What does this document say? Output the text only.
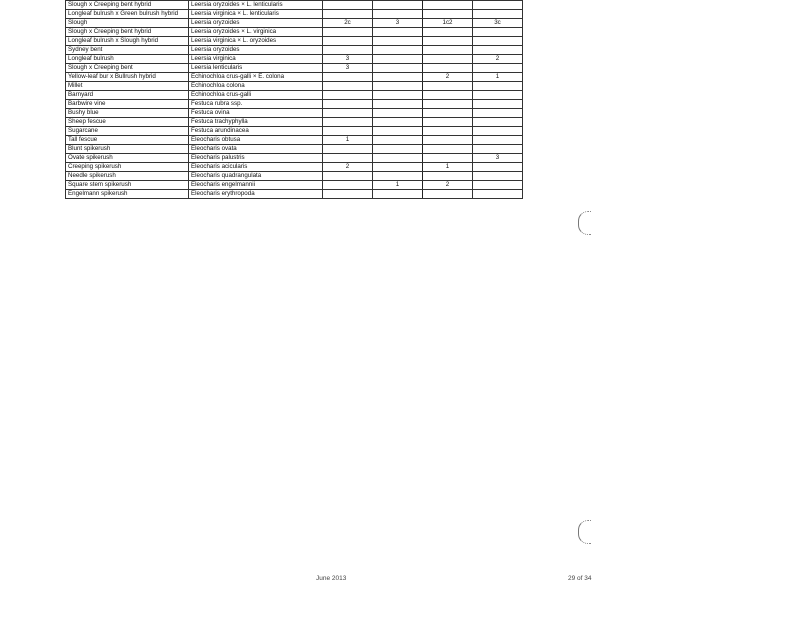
Slough x Creeping bent hybrid	Leersia oryzoides × L. lenticularis				
Longleaf bulrush x Green bulrush hybrid	Leersia virginica × L. lenticularis				
Slough	Leersia oryzoides	2c	3	1c2	3c
Slough x Creeping bent hybrid	Leersia oryzoides × L. virginica				
Longleaf bulrush x Slough hybrid	Leersia virginica × L. oryzoides				
Sydney bent	Leersia oryzoides				
Longleaf bulrush	Leersia virginica	3			2
Slough x Creeping bent	Leersia lenticularis	3			
Yellow-leaf bur x Bullrush hybrid	Echinochloa crus-galli × E. colona			2	1
Millet	Echinochloa colona				
Barnyard	Echinochloa crus-galli				
Barbwire vine	Festuca rubra ssp.				
Bushy blue	Festuca ovina				
Sheep fescue	Festuca trachyphylla				
Sugarcane	Festuca arundinacea				
Tall fescue	Eleocharis obtusa	1			
Blunt spikerush	Eleocharis ovata				
Ovate spikerush	Eleocharis palustris				3
Creeping spikerush	Eleocharis acicularis	2		1	
Needle spikerush	Eleocharis quadrangulata				
Square stem spikerush	Eleocharis engelmannii		1	2	
Engelmann spikerush	Eleocharis erythropoda				
June 2013	29 of 34
